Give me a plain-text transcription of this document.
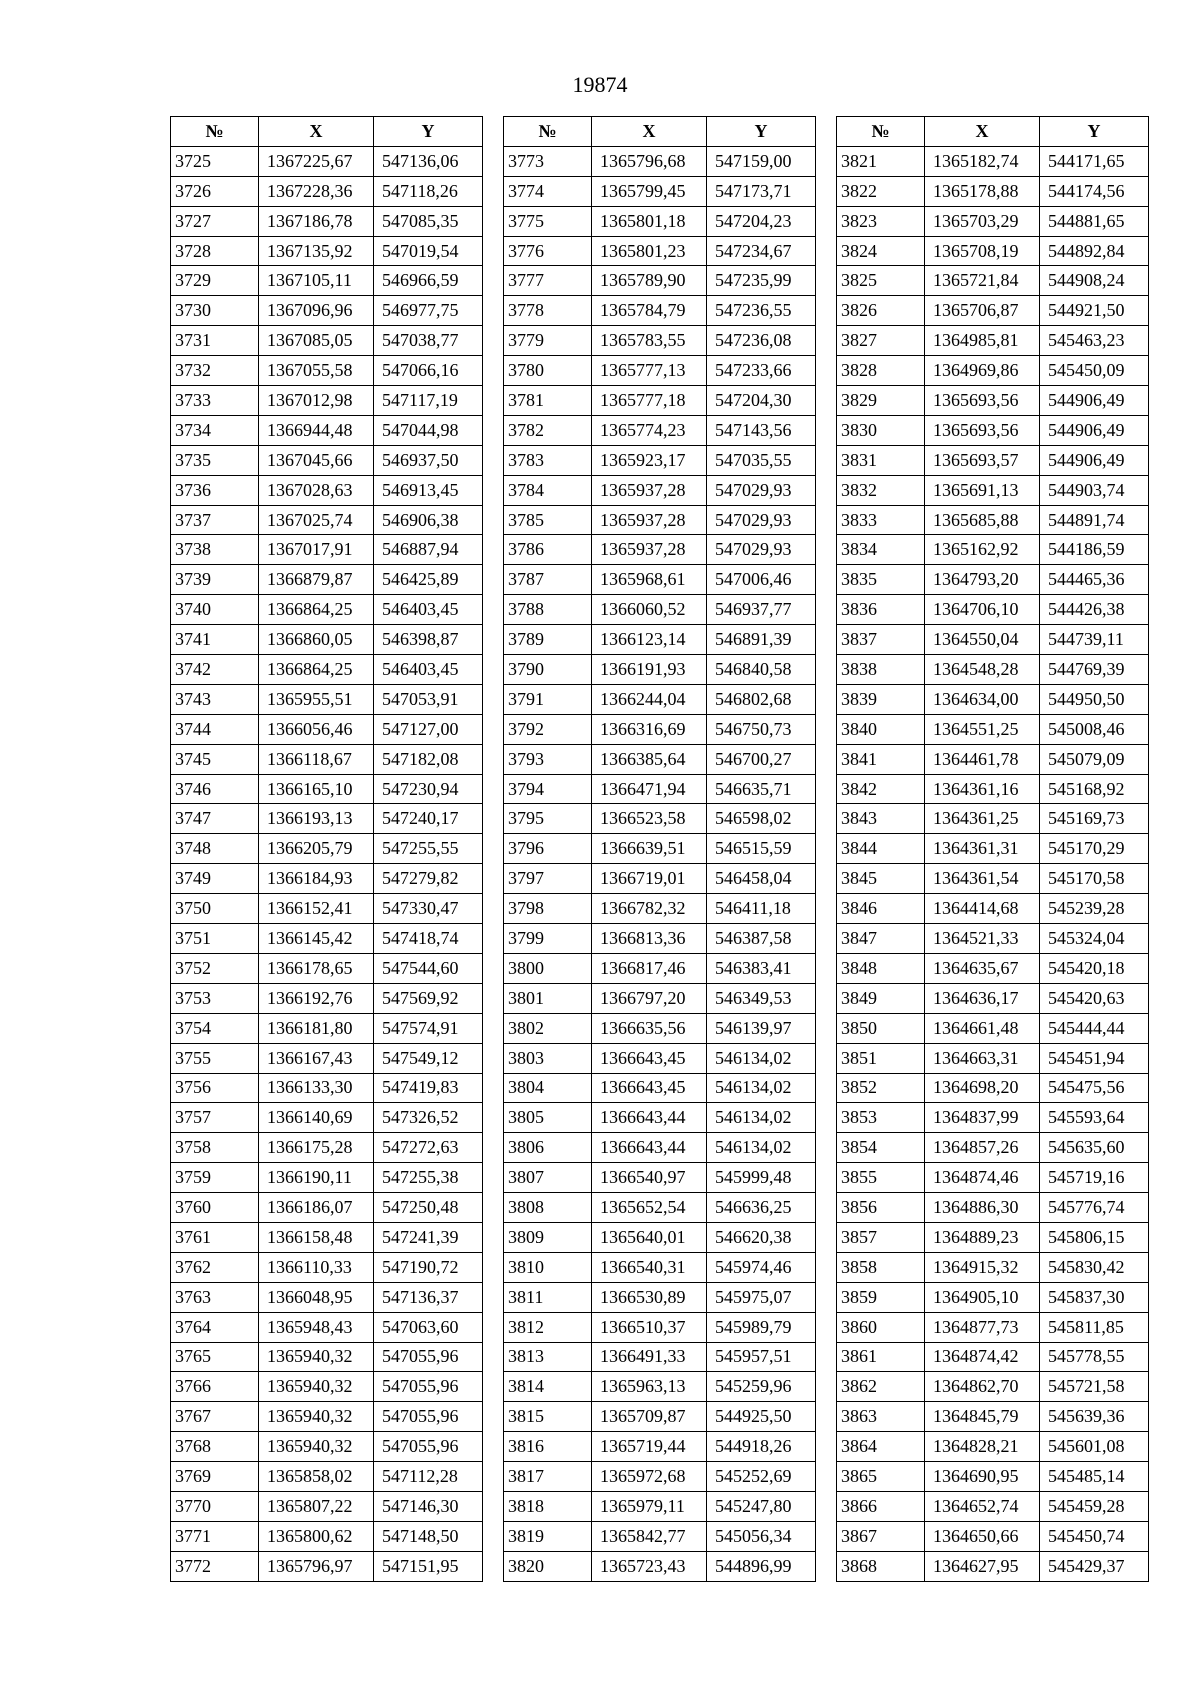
19874
№	X	Y
3725	1367225,67	547136,06
3726	1367228,36	547118,26
3727	1367186,78	547085,35
3728	1367135,92	547019,54
3729	1367105,11	546966,59
3730	1367096,96	546977,75
3731	1367085,05	547038,77
3732	1367055,58	547066,16
3733	1367012,98	547117,19
3734	1366944,48	547044,98
3735	1367045,66	546937,50
3736	1367028,63	546913,45
3737	1367025,74	546906,38
3738	1367017,91	546887,94
3739	1366879,87	546425,89
3740	1366864,25	546403,45
3741	1366860,05	546398,87
3742	1366864,25	546403,45
3743	1365955,51	547053,91
3744	1366056,46	547127,00
3745	1366118,67	547182,08
3746	1366165,10	547230,94
3747	1366193,13	547240,17
3748	1366205,79	547255,55
3749	1366184,93	547279,82
3750	1366152,41	547330,47
3751	1366145,42	547418,74
3752	1366178,65	547544,60
3753	1366192,76	547569,92
3754	1366181,80	547574,91
3755	1366167,43	547549,12
3756	1366133,30	547419,83
3757	1366140,69	547326,52
3758	1366175,28	547272,63
3759	1366190,11	547255,38
3760	1366186,07	547250,48
3761	1366158,48	547241,39
3762	1366110,33	547190,72
3763	1366048,95	547136,37
3764	1365948,43	547063,60
3765	1365940,32	547055,96
3766	1365940,32	547055,96
3767	1365940,32	547055,96
3768	1365940,32	547055,96
3769	1365858,02	547112,28
3770	1365807,22	547146,30
3771	1365800,62	547148,50
3772	1365796,97	547151,95
№	X	Y
3773	1365796,68	547159,00
3774	1365799,45	547173,71
3775	1365801,18	547204,23
3776	1365801,23	547234,67
3777	1365789,90	547235,99
3778	1365784,79	547236,55
3779	1365783,55	547236,08
3780	1365777,13	547233,66
3781	1365777,18	547204,30
3782	1365774,23	547143,56
3783	1365923,17	547035,55
3784	1365937,28	547029,93
3785	1365937,28	547029,93
3786	1365937,28	547029,93
3787	1365968,61	547006,46
3788	1366060,52	546937,77
3789	1366123,14	546891,39
3790	1366191,93	546840,58
3791	1366244,04	546802,68
3792	1366316,69	546750,73
3793	1366385,64	546700,27
3794	1366471,94	546635,71
3795	1366523,58	546598,02
3796	1366639,51	546515,59
3797	1366719,01	546458,04
3798	1366782,32	546411,18
3799	1366813,36	546387,58
3800	1366817,46	546383,41
3801	1366797,20	546349,53
3802	1366635,56	546139,97
3803	1366643,45	546134,02
3804	1366643,45	546134,02
3805	1366643,44	546134,02
3806	1366643,44	546134,02
3807	1366540,97	545999,48
3808	1365652,54	546636,25
3809	1365640,01	546620,38
3810	1366540,31	545974,46
3811	1366530,89	545975,07
3812	1366510,37	545989,79
3813	1366491,33	545957,51
3814	1365963,13	545259,96
3815	1365709,87	544925,50
3816	1365719,44	544918,26
3817	1365972,68	545252,69
3818	1365979,11	545247,80
3819	1365842,77	545056,34
3820	1365723,43	544896,99
№	X	Y
3821	1365182,74	544171,65
3822	1365178,88	544174,56
3823	1365703,29	544881,65
3824	1365708,19	544892,84
3825	1365721,84	544908,24
3826	1365706,87	544921,50
3827	1364985,81	545463,23
3828	1364969,86	545450,09
3829	1365693,56	544906,49
3830	1365693,56	544906,49
3831	1365693,57	544906,49
3832	1365691,13	544903,74
3833	1365685,88	544891,74
3834	1365162,92	544186,59
3835	1364793,20	544465,36
3836	1364706,10	544426,38
3837	1364550,04	544739,11
3838	1364548,28	544769,39
3839	1364634,00	544950,50
3840	1364551,25	545008,46
3841	1364461,78	545079,09
3842	1364361,16	545168,92
3843	1364361,25	545169,73
3844	1364361,31	545170,29
3845	1364361,54	545170,58
3846	1364414,68	545239,28
3847	1364521,33	545324,04
3848	1364635,67	545420,18
3849	1364636,17	545420,63
3850	1364661,48	545444,44
3851	1364663,31	545451,94
3852	1364698,20	545475,56
3853	1364837,99	545593,64
3854	1364857,26	545635,60
3855	1364874,46	545719,16
3856	1364886,30	545776,74
3857	1364889,23	545806,15
3858	1364915,32	545830,42
3859	1364905,10	545837,30
3860	1364877,73	545811,85
3861	1364874,42	545778,55
3862	1364862,70	545721,58
3863	1364845,79	545639,36
3864	1364828,21	545601,08
3865	1364690,95	545485,14
3866	1364652,74	545459,28
3867	1364650,66	545450,74
3868	1364627,95	545429,37
